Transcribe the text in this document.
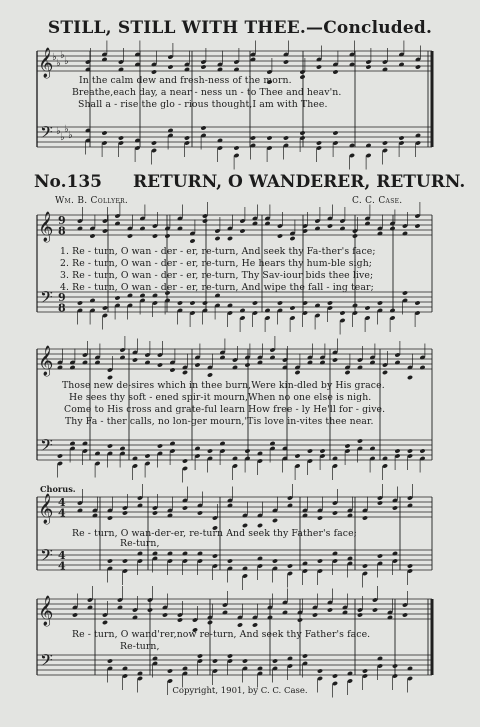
STILL, STILL WITH THEE.—Concluded.
𝄞
𝄢
♭
♭
♭
♭
♭
♭
♭
♭
𝄞
𝄢
9
8
9
8
𝄞
𝄢
𝄞
𝄢
4
4
4
4
𝄞
𝄢
In the calm dew and fresh-ness of the morn.
Breathe,each day, a near - ness un - to Thee and heav'n.
Shall a - rise the glo - rious thought,I am with Thee.
No.135 RETURN, O WANDERER, RETURN.
Wm. B. Collyer.	C. C. Case.
1. Re - turn, O wan - der - er, re-turn, And seek thy Fa-ther's face;
2. Re - turn, O wan - der - er, re-turn, He hears thy hum-ble sigh;
3. Re - turn, O wan - der - er, re-turn, Thy Sav-iour bids thee live;
4. Re - turn, O wan - der - er, re-turn, And wipe the fall - ing tear;
Those new de-sires which in thee burn,Were kin-dled by His grace.
He sees thy soft - ened spir-it mourn,When no one else is nigh.
Come to His cross and grate-ful learn How free - ly He'll for - give.
Thy Fa - ther calls, no lon-ger mourn,'Tis love in-vites thee near.
Chorus.
Re - turn, O wan-der-er, re-turn And seek thy Father's face;
Re-turn,
Re - turn, O wand'rer,now re-turn, And seek thy Father's face.
Re-turn,
Copyright, 1901, by C. C. Case.
